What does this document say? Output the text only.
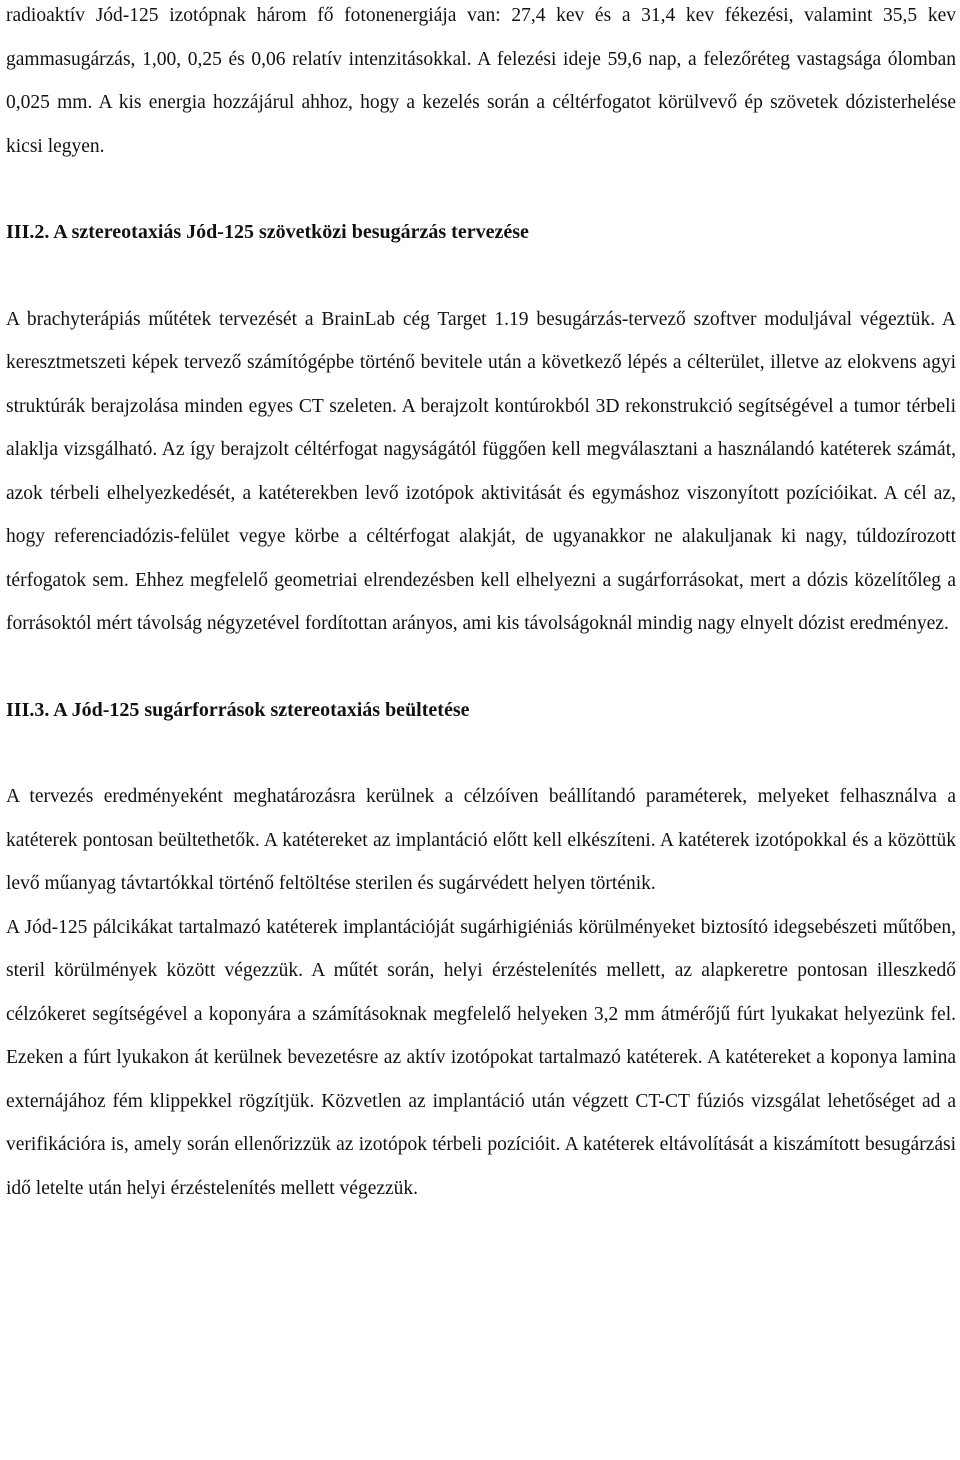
radioaktív Jód-125 izotópnak három fő fotonenergiája van: 27,4 kev és a 31,4 kev fékezési, valamint 35,5 kev gammasugárzás, 1,00, 0,25 és 0,06 relatív intenzitásokkal. A felezési ideje 59,6 nap, a felezőréteg vastagsága ólomban 0,025 mm. A kis energia hozzájárul ahhoz, hogy a kezelés során a céltérfogatot körülvevő ép szövetek dózisterhelése kicsi legyen.

III.2. A sztereotaxiás Jód-125 szövetközi besugárzás tervezése

A brachyterápiás műtétek tervezését a BrainLab cég Target 1.19 besugárzás-tervező szoftver moduljával végeztük. A keresztmetszeti képek tervező számítógépbe történő bevitele után a következő lépés a célterület, illetve az elokvens agyi struktúrák berajzolása minden egyes CT szeleten. A berajzolt kontúrokból 3D rekonstrukció segítségével a tumor térbeli alaklja vizsgálható. Az így berajzolt céltérfogat nagyságától függően kell megválasztani a használandó katéterek számát, azok térbeli elhelyezkedését, a katéterekben levő izotópok aktivitását és egymáshoz viszonyított pozícióikat. A cél az, hogy referenciadózis-felület vegye körbe a céltérfogat alakját, de ugyanakkor ne alakuljanak ki nagy, túldozírozott térfogatok sem. Ehhez megfelelő geometriai elrendezésben kell elhelyezni a sugárforrásokat, mert a dózis közelítőleg a forrásoktól mért távolság négyzetével fordítottan arányos, ami kis távolságoknál mindig nagy elnyelt dózist eredményez.

III.3. A Jód-125 sugárforrások sztereotaxiás beültetése

A tervezés eredményeként meghatározásra kerülnek a célzóíven beállítandó paraméterek, melyeket felhasználva a katéterek pontosan beültethetők. A katétereket az implantáció előtt kell elkészíteni. A katéterek izotópokkal és a közöttük levő műanyag távtartókkal történő feltöltése sterilen és sugárvédett helyen történik.

A Jód-125 pálcikákat tartalmazó katéterek implantációját sugárhigiéniás körülményeket biztosító idegsebészeti műtőben, steril körülmények között végezzük. A műtét során, helyi érzéstelenítés mellett, az alapkeretre pontosan illeszkedő célzókeret segítségével a koponyára a számításoknak megfelelő helyeken 3,2 mm átmérőjű fúrt lyukakat helyezünk fel. Ezeken a fúrt lyukakon át kerülnek bevezetésre az aktív izotópokat tartalmazó katéterek. A katétereket a koponya lamina externájához fém klippekkel rögzítjük. Közvetlen az implantáció után végzett CT-CT fúziós vizsgálat lehetőséget ad a verifikációra is, amely során ellenőrizzük az izotópok térbeli pozícióit. A katéterek eltávolítását a kiszámított besugárzási idő letelte után helyi érzéstelenítés mellett végezzük.
